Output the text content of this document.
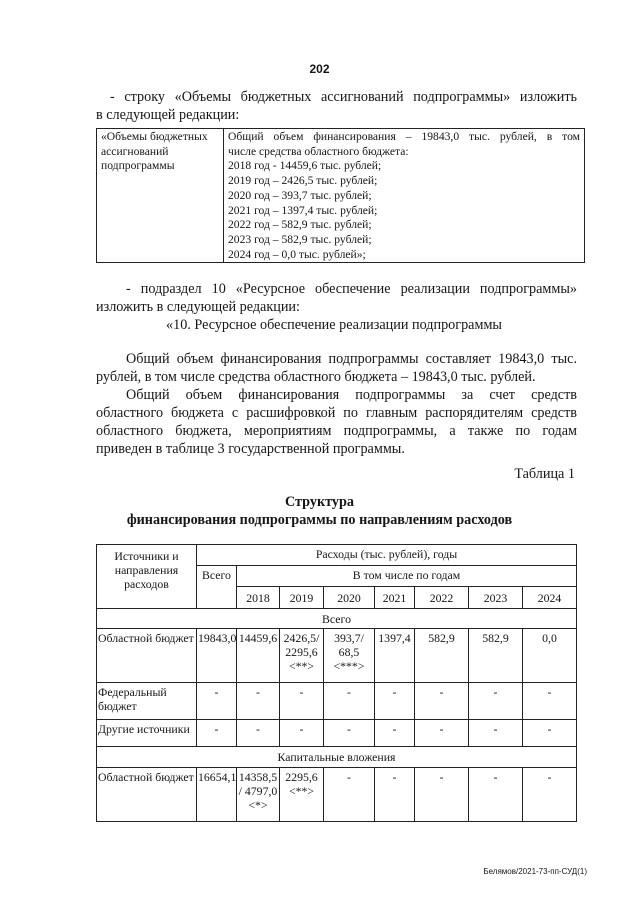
202

- строку «Объемы бюджетных ассигнований подпрограммы» изложить

в следующей редакции:

«Объемы бюджетных
ассигнований
подпрограммы

Общий объем финансирования – 19843,0 тыс. рублей, в том
числе средства областного бюджета:
2018 год - 14459,6 тыс. рублей;
2019 год – 2426,5 тыс. рублей;
2020 год – 393,7 тыс. рублей;
2021 год – 1397,4 тыс. рублей;
2022 год – 582,9 тыс. рублей;
2023 год – 582,9 тыс. рублей;
2024 год – 0,0 тыс. рублей»;

- подраздел 10 «Ресурсное обеспечение реализации подпрограммы»

изложить в следующей редакции:

«10. Ресурсное обеспечение реализации подпрограммы

Общий объем финансирования подпрограммы составляет 19843,0 тыс.

рублей, в том числе средства областного бюджета – 19843,0 тыс. рублей.

Общий объем финансирования подпрограммы за счет средств

областного бюджета с расшифровкой по главным распорядителям средств

областного бюджета, мероприятиям подпрограммы, а также по годам

приведен в таблице 3 государственной программы.

Таблица 1
Структура
финансирования подпрограммы по направлениям расходов
Источники и направления расходов	Расходы (тыс. рублей), годы							
	Всего	В том числе по годам						
		2018	2019	2020	2021	2022	2023	2024
Всего								
Областной бюджет	19843,0	14459,6	2426,5/ 2295,6 <**>	393,7/ 68,5 <***>	1397,4	582,9	582,9	0,0
Федеральный бюджет	-	-	-	-	-	-	-	-
Другие источники	-	-	-	-	-	-	-	-
Капитальные вложения								
Областной бюджет	16654,1	14358,5 / 4797,0 <*>	2295,6 <**>	-	-	-	-	-
Белямов/2021-73-пп-СУД(1)
